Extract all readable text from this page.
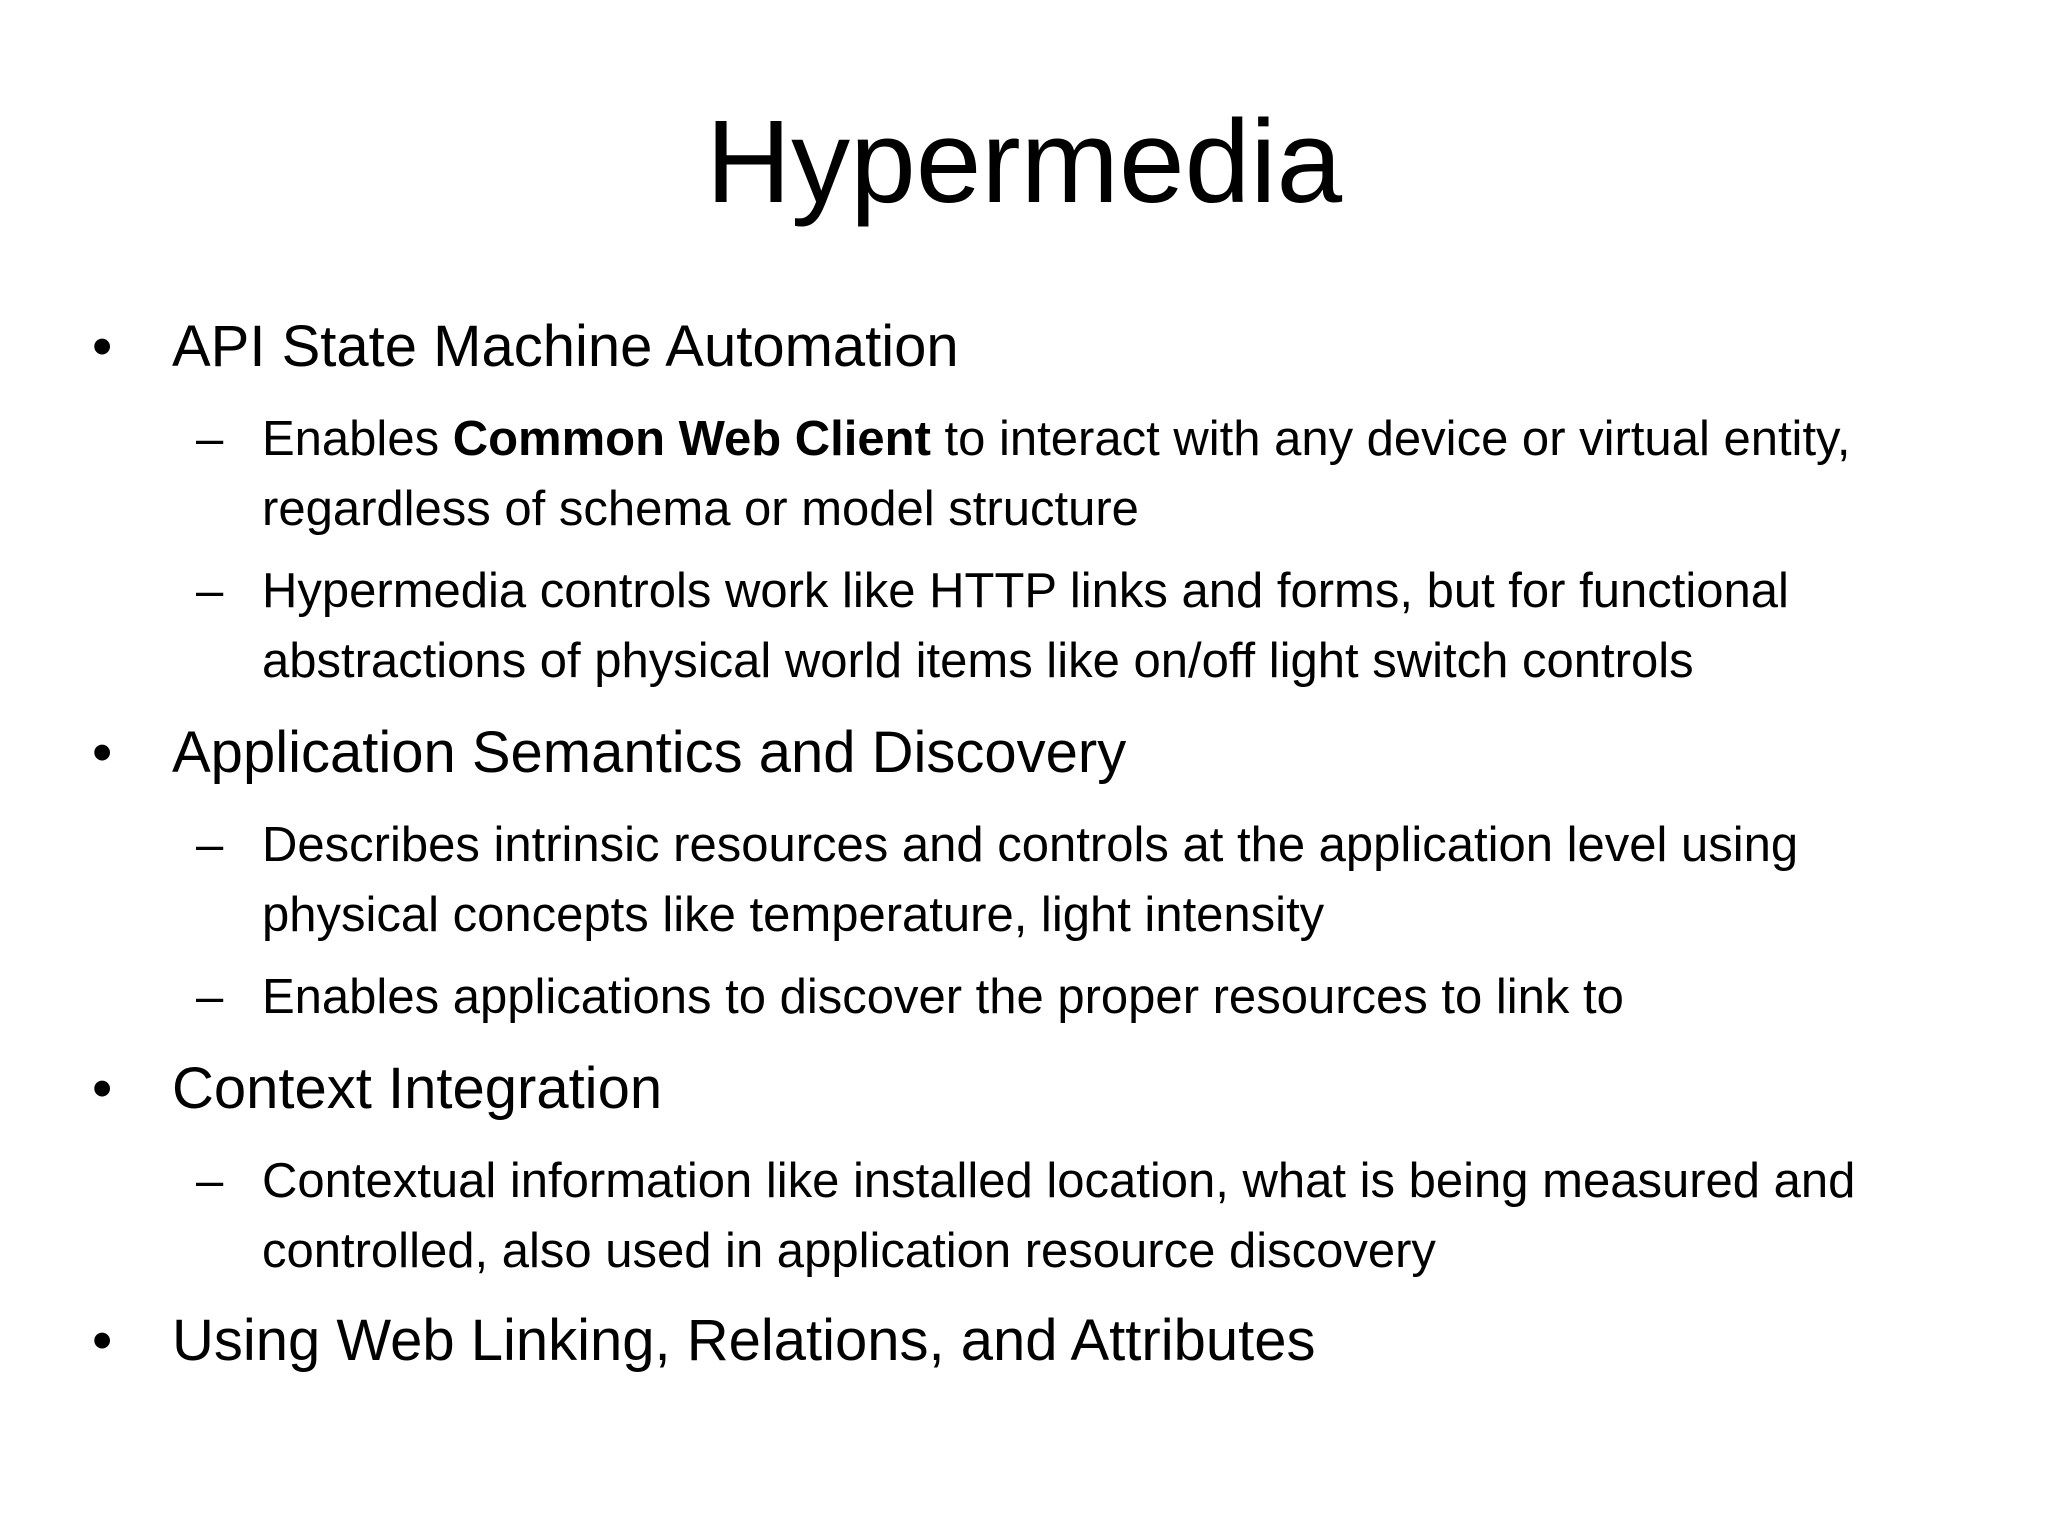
Hypermedia
• API State Machine Automation
– Enables Common Web Client to interact with any device or virtual entity, regardless of schema or model structure
– Hypermedia controls work like HTTP links and forms, but for functional abstractions of physical world items like on/off light switch controls
• Application Semantics and Discovery
– Describes intrinsic resources and controls at the application level using physical concepts like temperature, light intensity
– Enables applications to discover the proper resources to link to
• Context Integration
– Contextual information like installed location, what is being measured and controlled, also used in application resource discovery
• Using Web Linking, Relations, and Attributes
